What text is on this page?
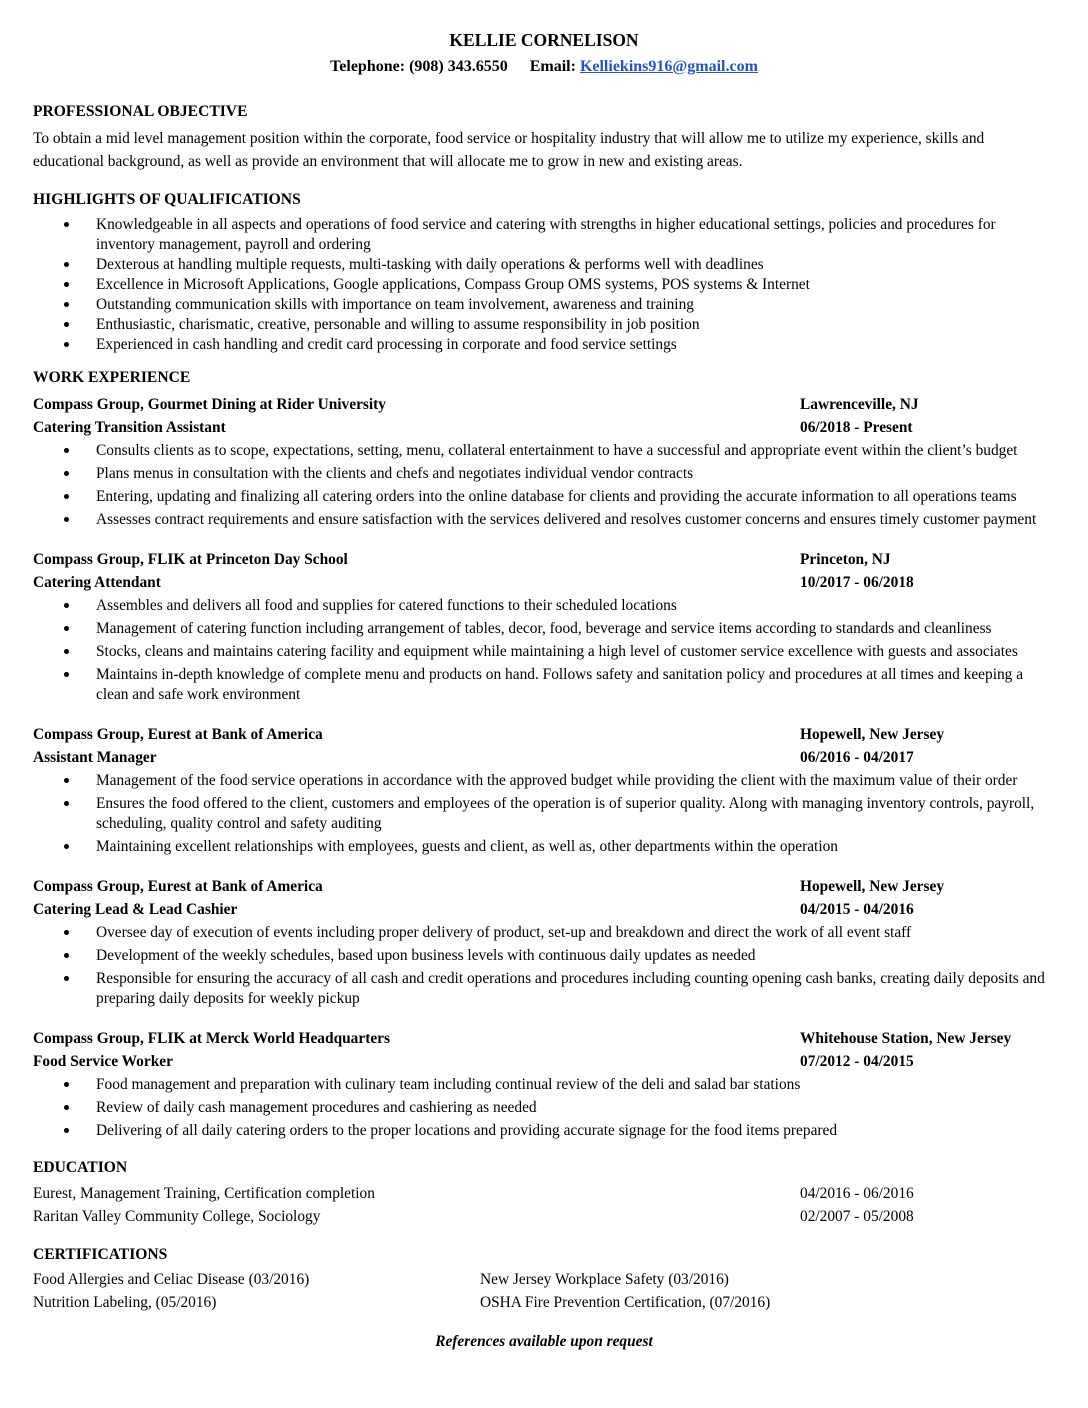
KELLIE CORNELISON
Telephone: (908) 343.6550 Email: Kelliekins916@gmail.com
PROFESSIONAL OBJECTIVE

To obtain a mid level management position within the corporate, food service or hospitality industry that will allow me to utilize my experience, skills and educational background, as well as provide an environment that will allocate me to grow in new and existing areas.

HIGHLIGHTS OF QUALIFICATIONS
Knowledgeable in all aspects and operations of food service and catering with strengths in higher educational settings, policies and procedures for inventory management, payroll and ordering
Dexterous at handling multiple requests, multi-tasking with daily operations & performs well with deadlines
Excellence in Microsoft Applications, Google applications, Compass Group OMS systems, POS systems & Internet
Outstanding communication skills with importance on team involvement, awareness and training
Enthusiastic, charismatic, creative, personable and willing to assume responsibility in job position
Experienced in cash handling and credit card processing in corporate and food service settings
WORK EXPERIENCE
Compass Group, Gourmet Dining at Rider University	Lawrenceville, NJ
Catering Transition Assistant	06/2018 - Present
Consults clients as to scope, expectations, setting, menu, collateral entertainment to have a successful and appropriate event within the client’s budget
Plans menus in consultation with the clients and chefs and negotiates individual vendor contracts
Entering, updating and finalizing all catering orders into the online database for clients and providing the accurate information to all operations teams
Assesses contract requirements and ensure satisfaction with the services delivered and resolves customer concerns and ensures timely customer payment
Compass Group, FLIK at Princeton Day School	Princeton, NJ
Catering Attendant	10/2017 - 06/2018
Assembles and delivers all food and supplies for catered functions to their scheduled locations
Management of catering function including arrangement of tables, decor, food, beverage and service items according to standards and cleanliness
Stocks, cleans and maintains catering facility and equipment while maintaining a high level of customer service excellence with guests and associates
Maintains in-depth knowledge of complete menu and products on hand. Follows safety and sanitation policy and procedures at all times and keeping a clean and safe work environment
Compass Group, Eurest at Bank of America	Hopewell, New Jersey
Assistant Manager	06/2016 - 04/2017
Management of the food service operations in accordance with the approved budget while providing the client with the maximum value of their order
Ensures the food offered to the client, customers and employees of the operation is of superior quality. Along with managing inventory controls, payroll, scheduling, quality control and safety auditing
Maintaining excellent relationships with employees, guests and client, as well as, other departments within the operation
Compass Group, Eurest at Bank of America	Hopewell, New Jersey
Catering Lead & Lead Cashier	04/2015 - 04/2016
Oversee day of execution of events including proper delivery of product, set-up and breakdown and direct the work of all event staff
Development of the weekly schedules, based upon business levels with continuous daily updates as needed
Responsible for ensuring the accuracy of all cash and credit operations and procedures including counting opening cash banks, creating daily deposits and preparing daily deposits for weekly pickup
Compass Group, FLIK at Merck World Headquarters	Whitehouse Station, New Jersey
Food Service Worker	07/2012 - 04/2015
Food management and preparation with culinary team including continual review of the deli and salad bar stations
Review of daily cash management procedures and cashiering as needed
Delivering of all daily catering orders to the proper locations and providing accurate signage for the food items prepared
EDUCATION
Eurest, Management Training, Certification completion	04/2016 - 06/2016
Raritan Valley Community College, Sociology	02/2007 - 05/2008
CERTIFICATIONS
Food Allergies and Celiac Disease (03/2016)	New Jersey Workplace Safety (03/2016)
Nutrition Labeling, (05/2016)	OSHA Fire Prevention Certification, (07/2016)
References available upon request
